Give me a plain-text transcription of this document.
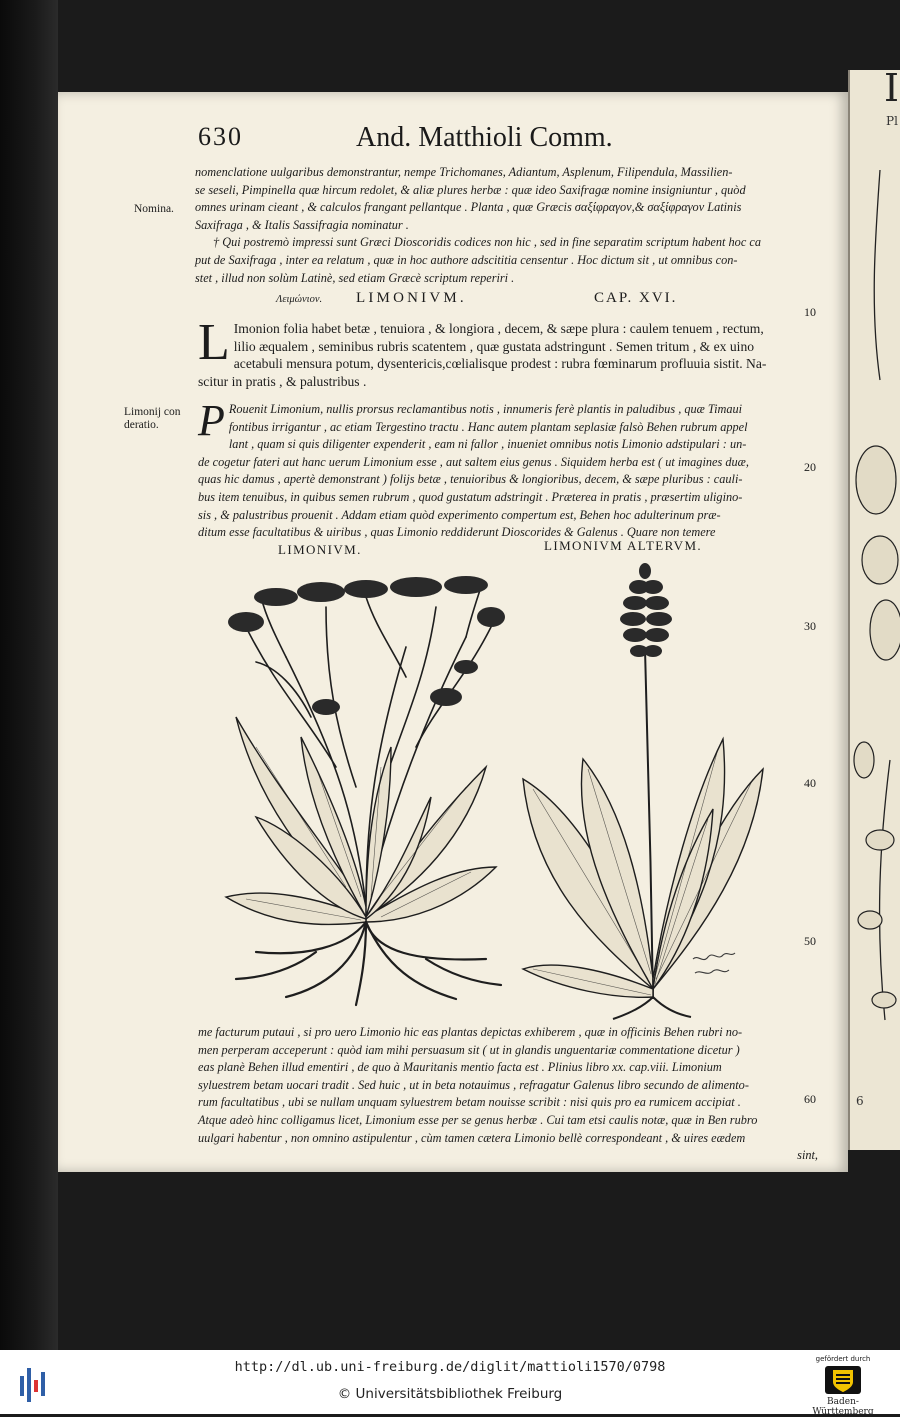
630	And. Matthioli Comm.
Nomina.
nomenclatione uulgaribus demonstrantur, nempe Trichomanes, Adiantum, Asplenum, Filipendula, Massilien-
se seseli, Pimpinella quæ hircum redolet, & aliæ plures herbæ : quæ ideo Saxifragæ nomine insigniuntur , quòd
omnes urinam cieant , & calculos frangant pellantque . Planta , quæ Græcis σαξίφραγον,& σαξίφραγον Latinis
Saxifraga , & Italis Sassifragia nominatur .
† Qui postremò impressi sunt Græci Dioscoridis codices non hic , sed in fine separatim scriptum habent hoc ca
put de Saxifraga , inter ea relatum , quæ in hoc authore adscititia censentur . Hoc dictum sit , ut omnibus con-
stet , illud non solùm Latinè, sed etiam Græcè scriptum reperiri .
Λειμώνιον. LIMONIVM.	CAP. XVI.
L Imonion folia habet betæ , tenuiora , & longiora , decem, & sæpe plura : caulem tenuem , rectum,
lilio æqualem , seminibus rubris scatentem , quæ gustata adstringunt . Semen tritum , & ex uino
acetabuli mensura potum, dysentericis,cœlialisque prodest : rubra fœminarum profluuia sistit. Na-
scitur in pratis , & palustribus .
Limonij con
deratio. P Rouenit Limonium, nullis prorsus reclamantibus notis , innumeris ferè plantis in paludibus , quæ Timaui
fontibus irrigantur , ac etiam Tergestino tractu . Hanc autem plantam seplasiæ falsò Behen rubrum appel
lant , quam si quis diligenter expenderit , eam ni fallor , inueniet omnibus notis Limonio adstipulari : un-
de cogetur fateri aut hanc uerum Limonium esse , aut saltem eius genus . Siquidem herba est ( ut imagines duæ,
quas hic damus , apertè demonstrant ) folijs betæ , tenuioribus & longioribus, decem, & sæpe pluribus : cauli-
bus item tenuibus, in quibus semen rubrum , quod gustatum adstringit . Præterea in pratis , præsertim uligino-
sis , & palustribus prouenit . Addam etiam quòd experimento compertum est, Behen hoc adulterinum præ-
ditum esse facultatibus & uiribus , quas Limonio reddiderunt Dioscorides & Galenus . Quare non temere
LIMONIVM.	LIMONIVM ALTERVM.
me facturum putaui , si pro uero Limonio hic eas plantas depictas exhiberem , quæ in officinis Behen rubri no-
men perperam acceperunt : quòd iam mihi persuasum sit ( ut in glandis unguentariæ commentatione dicetur )
eas planè Behen illud ementiri , de quo à Mauritanis mentio facta est . Plinius libro xx. cap.viii. Limonium
syluestrem betam uocari tradit . Sed huic , ut in beta notauimus , refragatur Galenus libro secundo de alimento-
rum facultatibus , ubi se nullam unquam syluestrem betam nouisse scribit : nisi quis pro ea rumicem accipiat .
Atque adeò hinc colligamus licet, Limonium esse per se genus herbæ . Cui tam etsi caulis notæ, quæ in Ben rubro
uulgari habentur , non omnino astipulentur , cùm tamen cætera Limonio bellè correspondeant , & uires eædem
sint,
10
20
30
40
50
60
I
Pl
6
http://dl.ub.uni-freiburg.de/diglit/mattioli1570/0798
© Universitätsbibliothek Freiburg
gefördert durch
Baden-Württemberg
